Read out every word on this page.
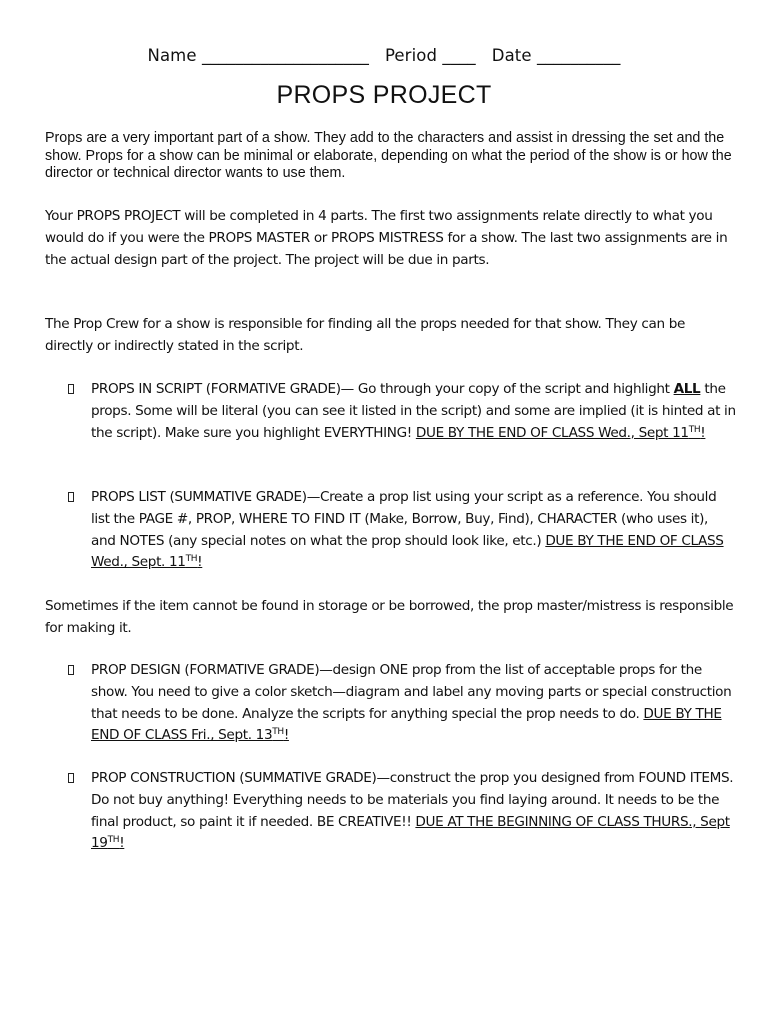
Name ____________________ Period ____ Date __________
PROPS PROJECT
Props are a very important part of a show. They add to the characters and assist in dressing the set and the show. Props for a show can be minimal or elaborate, depending on what the period of the show is or how the director or technical director wants to use them.

Your PROPS PROJECT will be completed in 4 parts. The first two assignments relate directly to what you would do if you were the PROPS MASTER or PROPS MISTRESS for a show. The last two assignments are in the actual design part of the project. The project will be due in parts.

The Prop Crew for a show is responsible for finding all the props needed for that show. They can be directly or indirectly stated in the script.

PROPS IN SCRIPT (FORMATIVE GRADE)— Go through your copy of the script and highlight ALL the props. Some will be literal (you can see it listed in the script) and some are implied (it is hinted at in the script). Make sure you highlight EVERYTHING! DUE BY THE END OF CLASS Wed., Sept 11TH!
PROPS LIST (SUMMATIVE GRADE)—Create a prop list using your script as a reference. You should list the PAGE #, PROP, WHERE TO FIND IT (Make, Borrow, Buy, Find), CHARACTER (who uses it), and NOTES (any special notes on what the prop should look like, etc.) DUE BY THE END OF CLASS Wed., Sept. 11TH!

Sometimes if the item cannot be found in storage or be borrowed, the prop master/mistress is responsible for making it.

PROP DESIGN (FORMATIVE GRADE)—design ONE prop from the list of acceptable props for the show. You need to give a color sketch—diagram and label any moving parts or special construction that needs to be done. Analyze the scripts for anything special the prop needs to do. DUE BY THE END OF CLASS Fri., Sept. 13TH!
PROP CONSTRUCTION (SUMMATIVE GRADE)—construct the prop you designed from FOUND ITEMS. Do not buy anything! Everything needs to be materials you find laying around. It needs to be the final product, so paint it if needed. BE CREATIVE!! DUE AT THE BEGINNING OF CLASS THURS., Sept 19TH!
